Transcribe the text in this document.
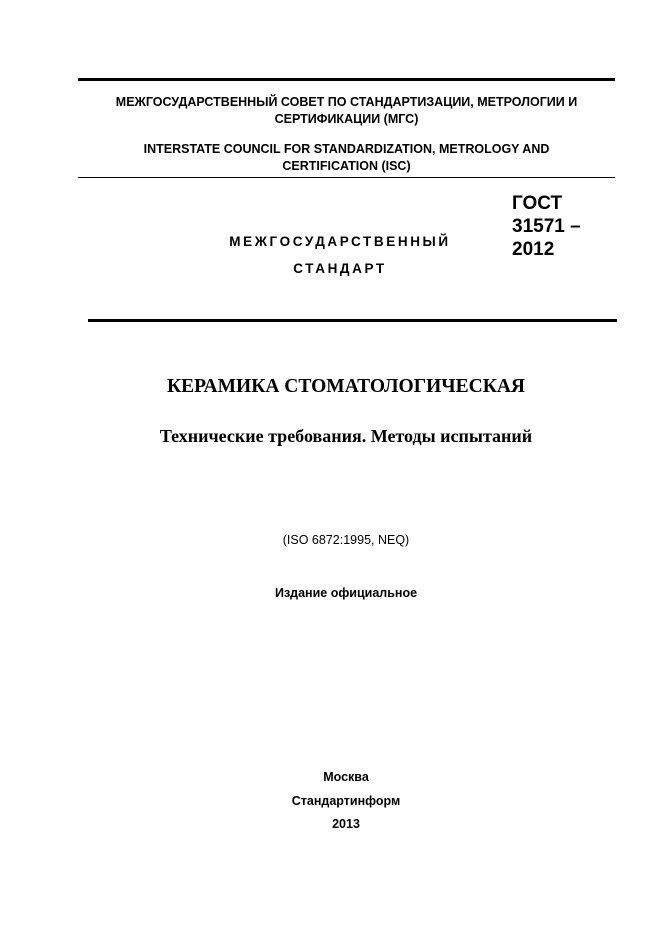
МЕЖГОСУДАРСТВЕННЫЙ СОВЕТ ПО СТАНДАРТИЗАЦИИ, МЕТРОЛОГИИ И
СЕРТИФИКАЦИИ (МГС)
INTERSTATE COUNCIL FOR STANDARDIZATION, METROLOGY AND
CERTIFICATION (ISC)
МЕЖГОСУДАРСТВЕННЫЙ
СТАНДАРТ
ГОСТ
31571 –
2012
КЕРАМИКА СТОМАТОЛОГИЧЕСКАЯ
Технические требования. Методы испытаний
(ISO 6872:1995, NEQ)
Издание официальное
Москва
Стандартинформ
2013
